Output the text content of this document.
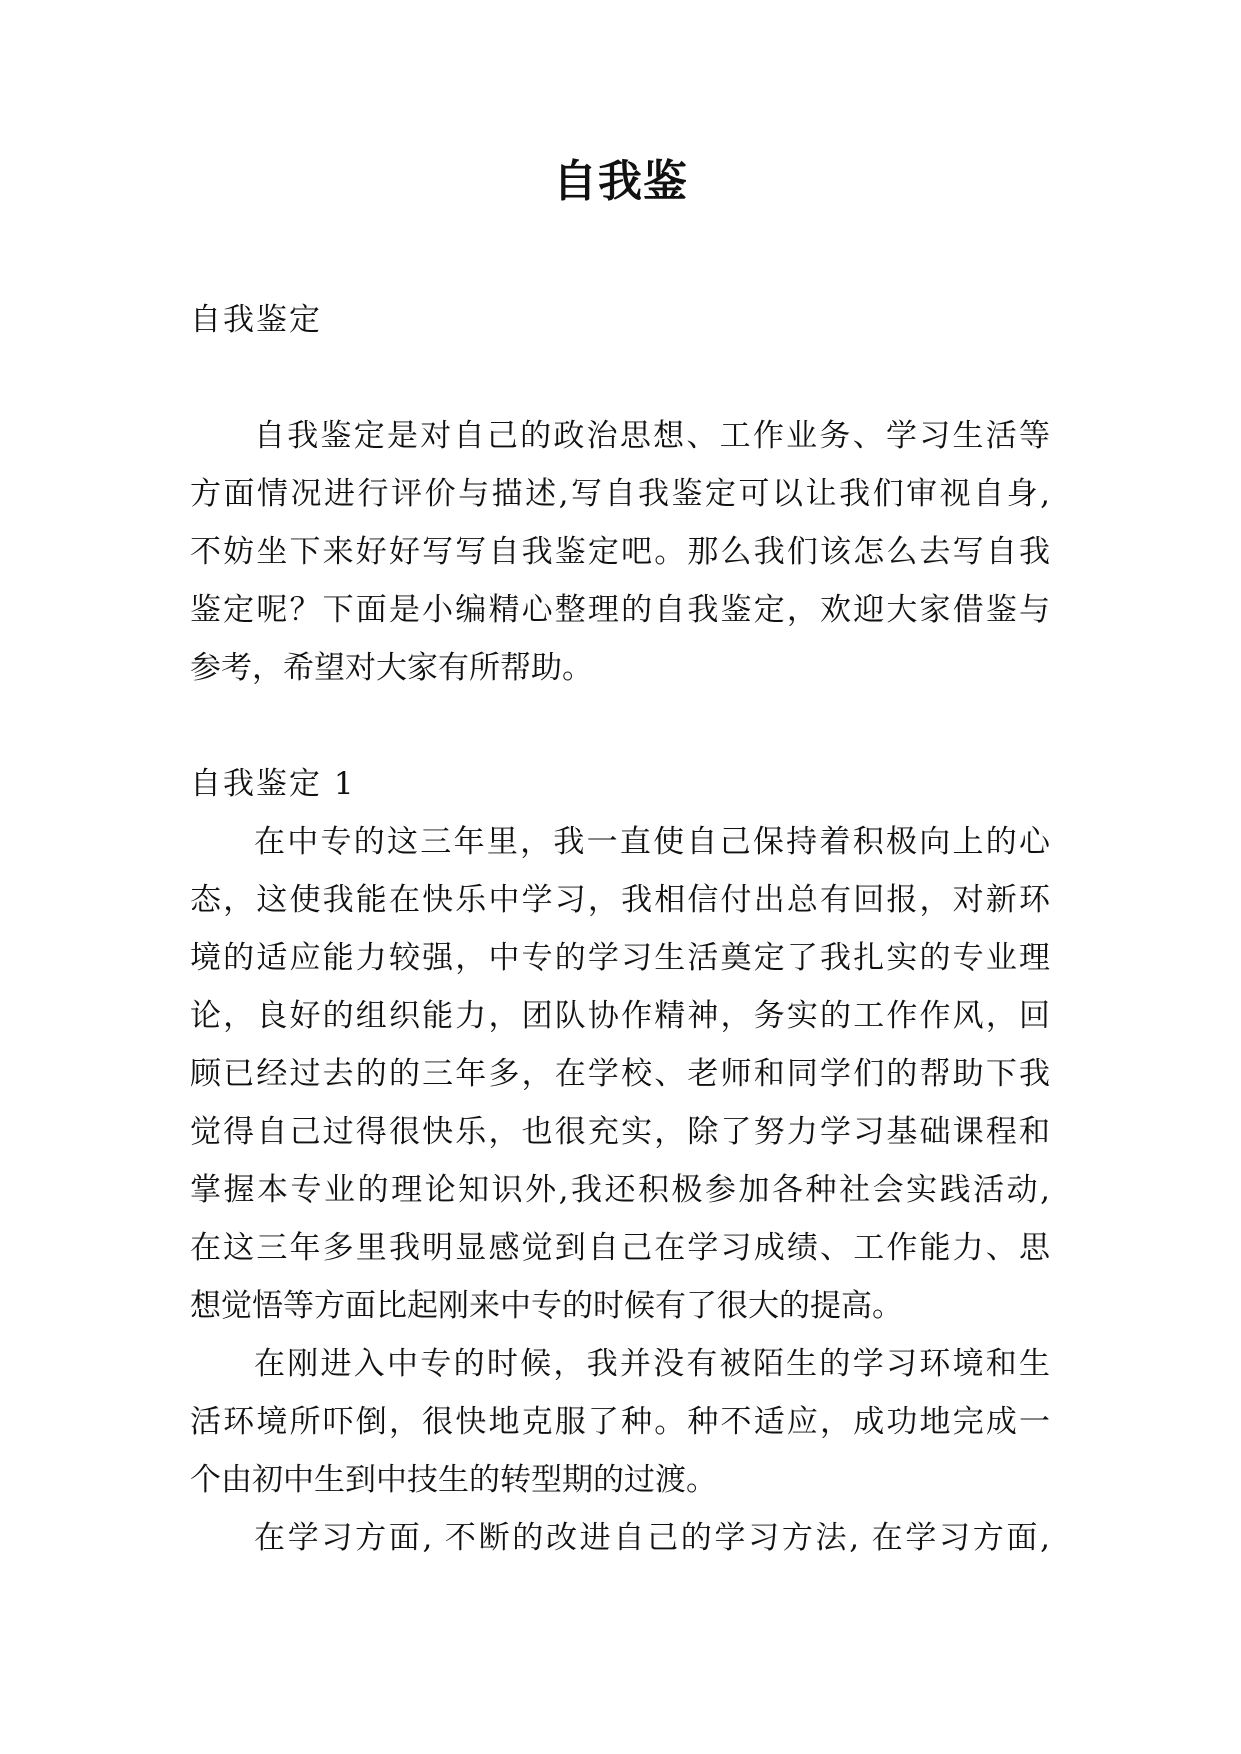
自我鉴
自我鉴定
自我鉴定是对自己的政治思想、工作业务、学习生活等
方面情况进行评价与描述,写自我鉴定可以让我们审视自身,
不妨坐下来好好写写自我鉴定吧。那么我们该怎么去写自我
鉴定呢？下面是小编精心整理的自我鉴定，欢迎大家借鉴与
参考，希望对大家有所帮助。
自我鉴定 1
在中专的这三年里，我一直使自己保持着积极向上的心
态，这使我能在快乐中学习，我相信付出总有回报，对新环
境的适应能力较强，中专的学习生活奠定了我扎实的专业理
论，良好的组织能力，团队协作精神，务实的工作作风，回
顾已经过去的的三年多，在学校、老师和同学们的帮助下我
觉得自己过得很快乐，也很充实，除了努力学习基础课程和
掌握本专业的理论知识外,我还积极参加各种社会实践活动,
在这三年多里我明显感觉到自己在学习成绩、工作能力、思
想觉悟等方面比起刚来中专的时候有了很大的提高。
在刚进入中专的时候，我并没有被陌生的学习环境和生
活环境所吓倒，很快地克服了种。种不适应，成功地完成一
个由初中生到中技生的转型期的过渡。
在学习方面, 不断的改进自己的学习方法, 在学习方面,
